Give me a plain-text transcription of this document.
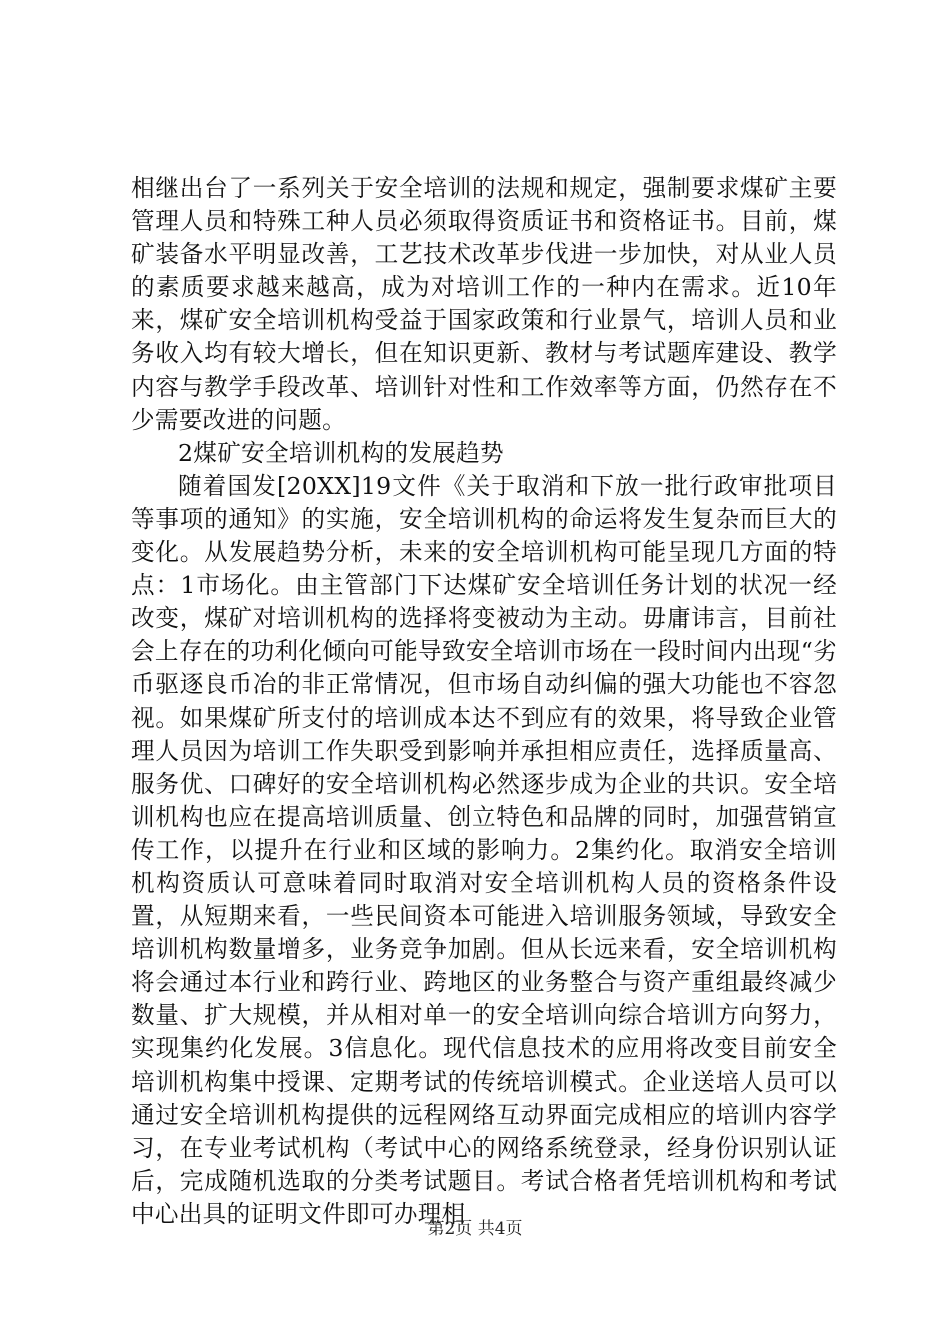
相继出台了一系列关于安全培训的法规和规定，强制要求煤矿主要管理人员和特殊工种人员必须取得资质证书和资格证书。目前，煤矿装备水平明显改善，工艺技术改革步伐进一步加快，对从业人员的素质要求越来越高，成为对培训工作的一种内在需求。近10年来，煤矿安全培训机构受益于国家政策和行业景气，培训人员和业务收入均有较大增长，但在知识更新、教材与考试题库建设、教学内容与教学手段改革、培训针对性和工作效率等方面，仍然存在不少需要改进的问题。

2煤矿安全培训机构的发展趋势

随着国发[20XX]19文件《关于取消和下放一批行政审批项目等事项的通知》的实施，安全培训机构的命运将发生复杂而巨大的变化。从发展趋势分析，未来的安全培训机构可能呈现几方面的特点：1市场化。由主管部门下达煤矿安全培训任务计划的状况一经改变，煤矿对培训机构的选择将变被动为主动。毋庸讳言，目前社会上存在的功利化倾向可能导致安全培训市场在一段时间内出现“劣币驱逐良币冶的非正常情况，但市场自动纠偏的强大功能也不容忽视。如果煤矿所支付的培训成本达不到应有的效果，将导致企业管理人员因为培训工作失职受到影响并承担相应责任，选择质量高、服务优、口碑好的安全培训机构必然逐步成为企业的共识。安全培训机构也应在提高培训质量、创立特色和品牌的同时，加强营销宣传工作，以提升在行业和区域的影响力。2集约化。取消安全培训机构资质认可意味着同时取消对安全培训机构人员的资格条件设置，从短期来看，一些民间资本可能进入培训服务领域，导致安全培训机构数量增多，业务竞争加剧。但从长远来看，安全培训机构将会通过本行业和跨行业、跨地区的业务整合与资产重组最终减少数量、扩大规模，并从相对单一的安全培训向综合培训方向努力，实现集约化发展。3信息化。现代信息技术的应用将改变目前安全培训机构集中授课、定期考试的传统培训模式。企业送培人员可以通过安全培训机构提供的远程网络互动界面完成相应的培训内容学习，在专业考试机构（考试中心的网络系统登录，经身份识别认证后，完成随机选取的分类考试题目。考试合格者凭培训机构和考试中心出具的证明文件即可办理相

第2页 共4页
